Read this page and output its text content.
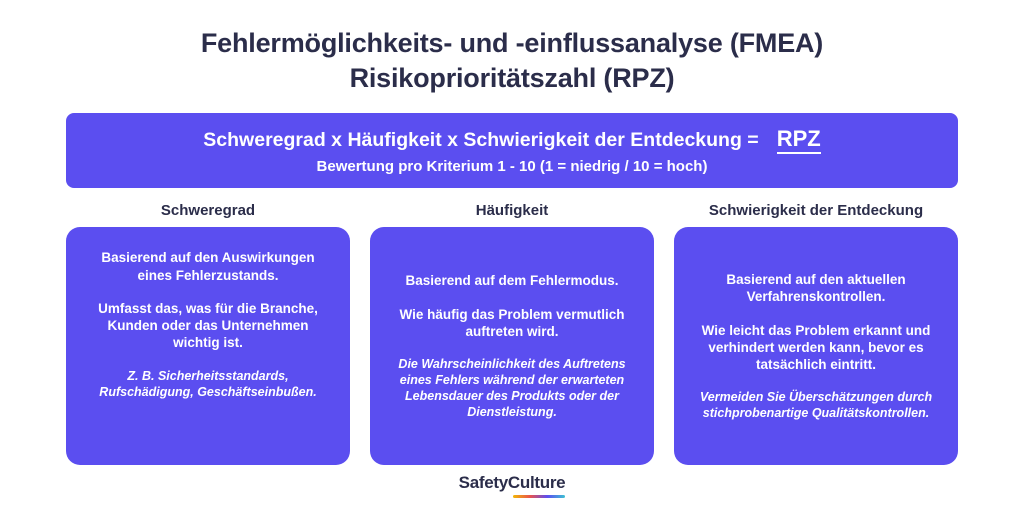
Fehlermöglichkeits- und -einflussanalyse (FMEA)
Risikoprioritätszahl (RPZ)
Schweregrad x Häufigkeit x Schwierigkeit der Entdeckung = RPZ
Bewertung pro Kriterium 1 - 10 (1 = niedrig / 10 = hoch)
Schweregrad
Basierend auf den Auswirkungen eines Fehlerzustands.
Umfasst das, was für die Branche, Kunden oder das Unternehmen wichtig ist.
Z. B. Sicherheitsstandards, Rufschädigung, Geschäftseinbußen.
Häufigkeit
Basierend auf dem Fehlermodus.
Wie häufig das Problem vermutlich auftreten wird.
Die Wahrscheinlichkeit des Auftretens eines Fehlers während der erwarteten Lebensdauer des Produkts oder der Dienstleistung.
Schwierigkeit der Entdeckung
Basierend auf den aktuellen Verfahrenskontrollen.
Wie leicht das Problem erkannt und verhindert werden kann, bevor es tatsächlich eintritt.
Vermeiden Sie Überschätzungen durch stichprobenartige Qualitätskontrollen.
SafetyCulture
